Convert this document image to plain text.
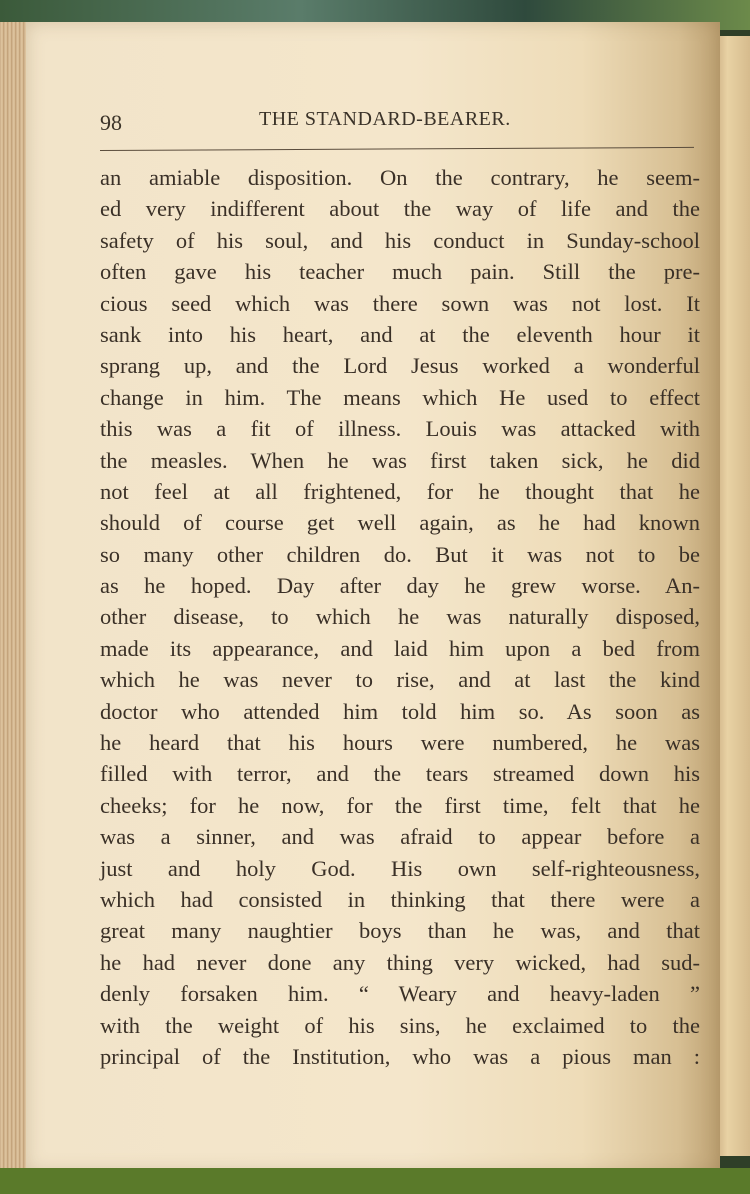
98	THE STANDARD-BEARER.
an amiable disposition. On the contrary, he seem-
ed very indifferent about the way of life and the
safety of his soul, and his conduct in Sunday-school
often gave his teacher much pain. Still the pre-
cious seed which was there sown was not lost. It
sank into his heart, and at the eleventh hour it
sprang up, and the Lord Jesus worked a wonderful
change in him. The means which He used to effect
this was a fit of illness. Louis was attacked with
the measles. When he was first taken sick, he did
not feel at all frightened, for he thought that he
should of course get well again, as he had known
so many other children do. But it was not to be
as he hoped. Day after day he grew worse. An-
other disease, to which he was naturally disposed,
made its appearance, and laid him upon a bed from
which he was never to rise, and at last the kind
doctor who attended him told him so. As soon as
he heard that his hours were numbered, he was
filled with terror, and the tears streamed down his
cheeks; for he now, for the first time, felt that he
was a sinner, and was afraid to appear before a
just and holy God. His own self-righteousness,
which had consisted in thinking that there were a
great many naughtier boys than he was, and that
he had never done any thing very wicked, had sud-
denly forsaken him. “ Weary and heavy-laden ”
with the weight of his sins, he exclaimed to the
principal of the Institution, who was a pious man :
